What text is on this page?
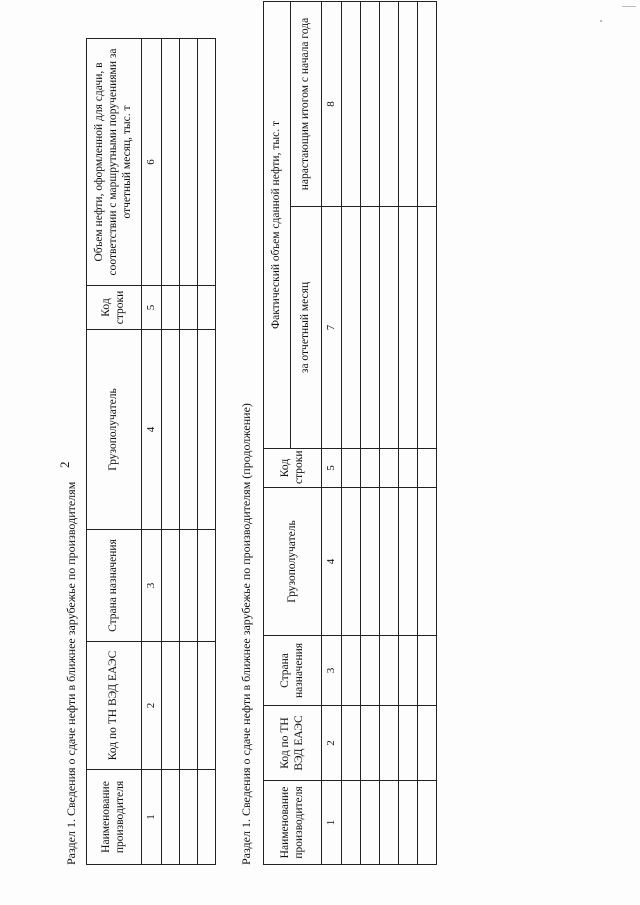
2
Раздел 1. Сведения о сдаче нефти в ближнее зарубежье по производителям Наименование производителя	Код по ТН ВЭД ЕАЭС	Страна назначения	Грузополучатель	Код строки	Объем нефти, оформленной для сдачи, в соответствии с маршрутными поручениями за отчетный месяц, тыс. т
1	2	3	4	5	6

Раздел 1. Сведения о сдаче нефти в ближнее зарубежье по производителям (продолжение) Наименование производителя	Код по ТН ВЭД ЕАЭС	Страна назначения	Грузополучатель	Код строки	Фактический объем сданной нефти, тыс. т	
					за отчетный месяц	нарастающим итогом с начала года
1	2	3	4	5	7	8
